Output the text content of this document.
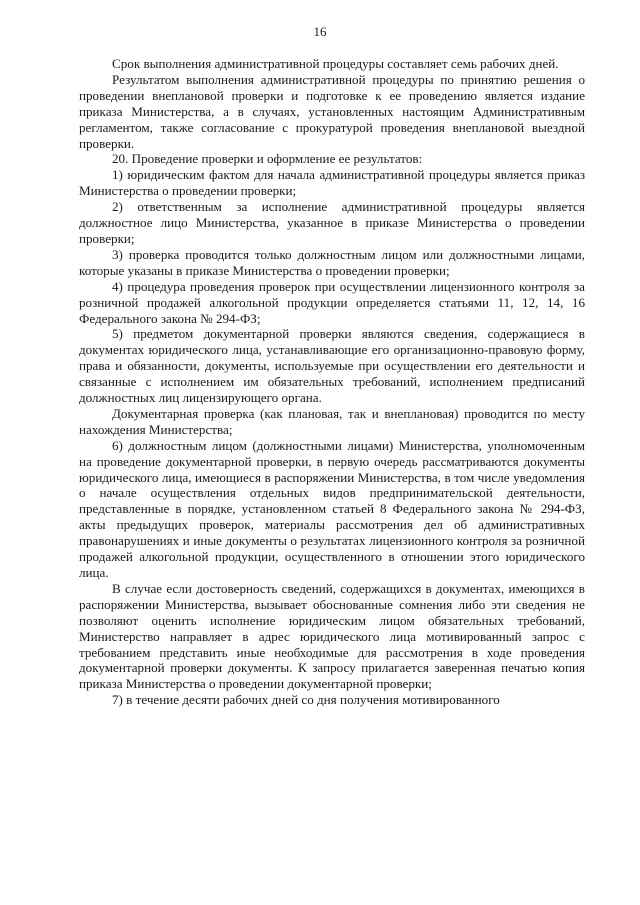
16

Срок выполнения административной процедуры составляет семь рабочих дней.

Результатом выполнения административной процедуры по принятию решения о проведении внеплановой проверки и подготовке к ее проведению является издание приказа Министерства, а в случаях, установленных настоящим Административным регламентом, также согласование с прокуратурой проведения внеплановой выездной проверки.

20. Проведение проверки и оформление ее результатов:

1) юридическим фактом для начала административной процедуры является приказ Министерства о проведении проверки;

2) ответственным за исполнение административной процедуры является должностное лицо Министерства, указанное в приказе Министерства о проведении проверки;

3) проверка проводится только должностным лицом или должностными лицами, которые указаны в приказе Министерства о проведении проверки;

4) процедура проведения проверок при осуществлении лицензионного контроля за розничной продажей алкогольной продукции определяется статьями 11, 12, 14, 16 Федерального закона № 294-ФЗ;

5) предметом документарной проверки являются сведения, содержащиеся в документах юридического лица, устанавливающие его организационно-правовую форму, права и обязанности, документы, используемые при осуществлении его деятельности и связанные с исполнением им обязательных требований, исполнением предписаний должностных лиц лицензирующего органа.

Документарная проверка (как плановая, так и внеплановая) проводится по месту нахождения Министерства;

6) должностным лицом (должностными лицами) Министерства, уполномоченным на проведение документарной проверки, в первую очередь рассматриваются документы юридического лица, имеющиеся в распоряжении Министерства, в том числе уведомления о начале осуществления отдельных видов предпринимательской деятельности, представленные в порядке, установленном статьей 8 Федерального закона № 294-ФЗ, акты предыдущих проверок, материалы рассмотрения дел об административных правонарушениях и иные документы о результатах лицензионного контроля за розничной продажей алкогольной продукции, осуществленного в отношении этого юридического лица.

В случае если достоверность сведений, содержащихся в документах, имеющихся в распоряжении Министерства, вызывает обоснованные сомнения либо эти сведения не позволяют оценить исполнение юридическим лицом обязательных требований, Министерство направляет в адрес юридического лица мотивированный запрос с требованием представить иные необходимые для рассмотрения в ходе проведения документарной проверки документы. К запросу прилагается заверенная печатью копия приказа Министерства о проведении документарной проверки;

7) в течение десяти рабочих дней со дня получения мотивированного
